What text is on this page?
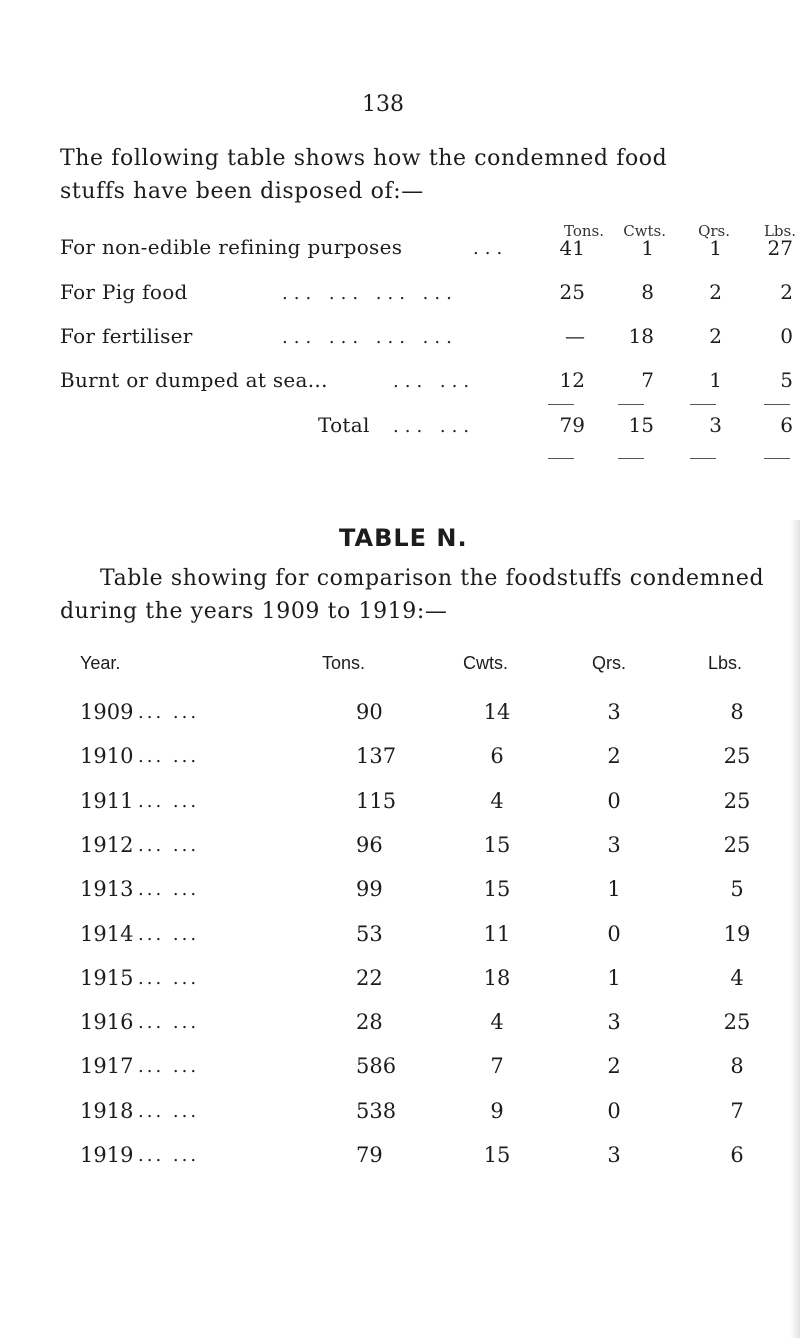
138
The following table shows how the condemned food
stuffs have been disposed of:—
Tons.	Cwts.	Qrs.	Lbs.
For non-edible refining purposes	...	41	1	1	27
For Pig food	... ... ... ...	25	8	2	2
For fertiliser	... ... ... ...	—	18	2	0
Burnt or dumped at sea...	... ...	12	7	1	5
Total ... ...	79	15	3	6
TABLE N.
Table showing for comparison the foodstuffs condemned
during the years 1909 to 1919:—
Year.	Tons.	Cwts.	Qrs.	Lbs.
1909 ... ...	90	14	3	8
1910 ... ...	137	6	2	25
1911 ... ...	115	4	0	25
1912 ... ...	96	15	3	25
1913 ... ...	99	15	1	5
1914 ... ...	53	11	0	19
1915 ... ...	22	18	1	4
1916 ... ...	28	4	3	25
1917 ... ...	586	7	2	8
1918 ... ...	538	9	0	7
1919 ... ...	79	15	3	6
